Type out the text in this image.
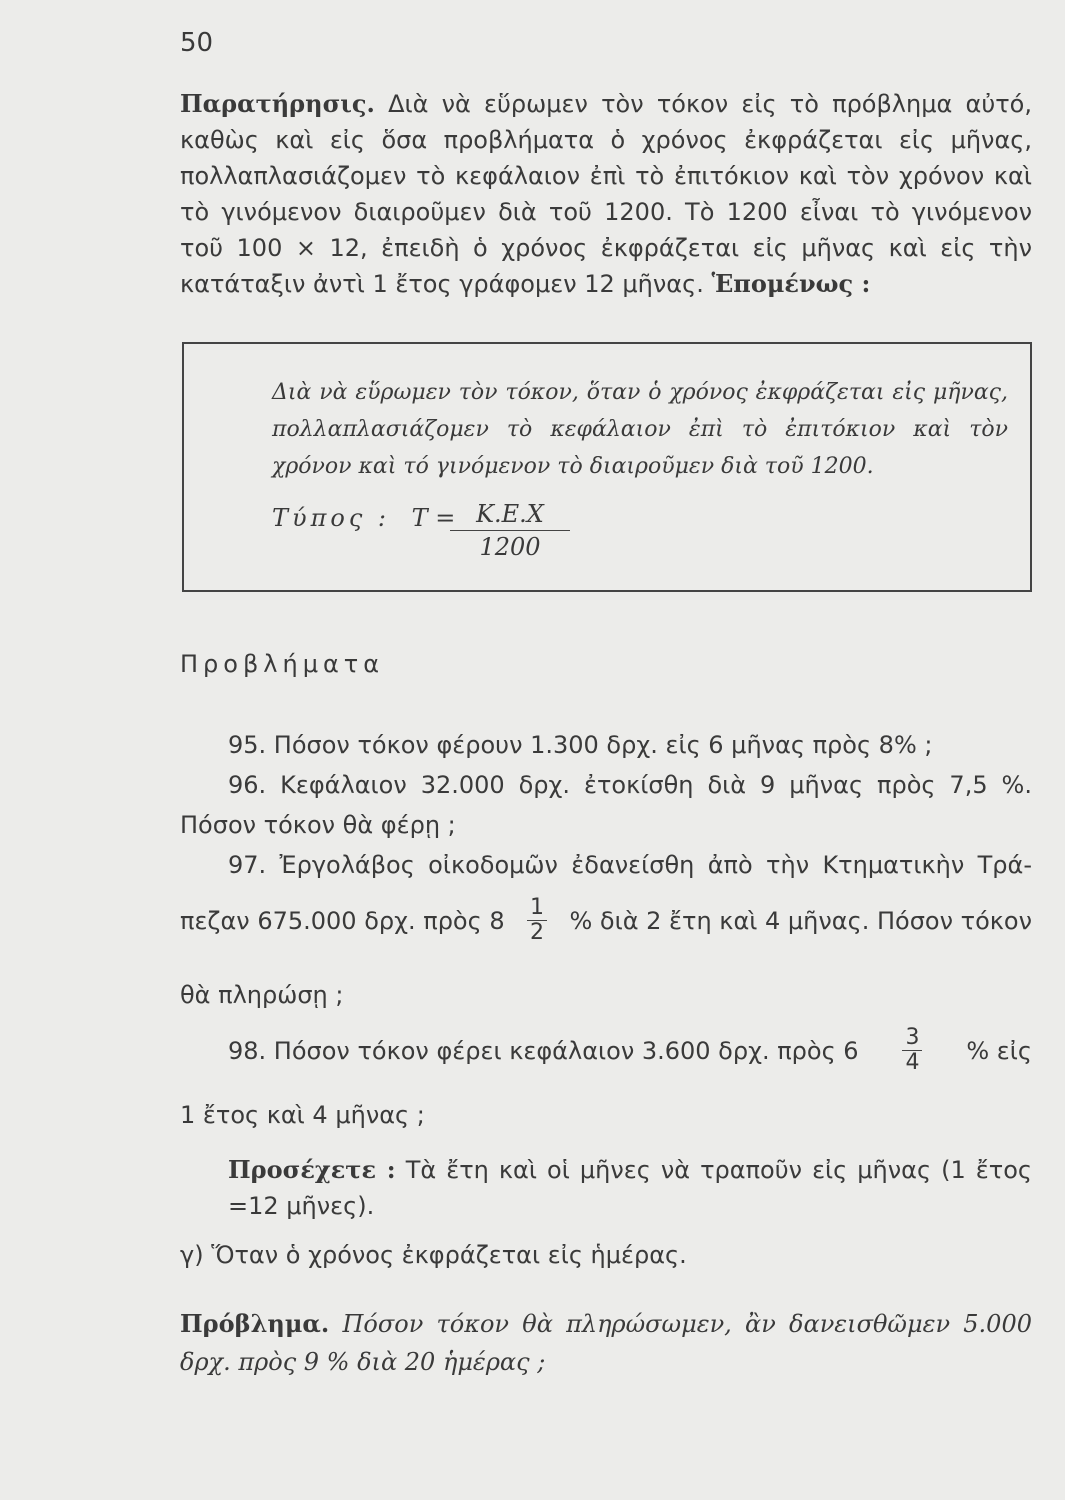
50
Παρατήρησις. Διὰ νὰ εὕρωμεν τὸν τόκον εἰς τὸ πρόβλημα αὐτό, καθὼς καὶ εἰς ὅσα προβλήματα ὁ χρόνος ἐκφράζεται εἰς μῆνας, πολλαπλασιάζομεν τὸ κεφάλαιον ἐπὶ τὸ ἐπιτόκιον καὶ τὸν χρόνον καὶ τὸ γινόμενον διαιροῦμεν διὰ τοῦ 1200. Τὸ 1200 εἶναι τὸ γινόμενον τοῦ 100 × 12, ἐπειδὴ ὁ χρόνος ἐκφράζεται εἰς μῆνας καὶ εἰς τὴν κατάταξιν ἀντὶ 1 ἔτος γράφομεν 12 μῆνας. Ἑπομένως :
Διὰ νὰ εὕρωμεν τὸν τόκον, ὅταν ὁ χρόνος ἐκφράζεται εἰς μῆνας, πολλαπλασιάζομεν τὸ κεφάλαιον ἐπὶ τὸ ἐπιτόκιον καὶ τὸν χρόνον καὶ τό γινόμενον τὸ διαιροῦμεν διὰ τοῦ 1200.
Τύπος : Τ =
$\frac{K.E.X}{1200}$
Προβλήματα
95. Πόσον τόκον φέρουν 1.300 δρχ. εἰς 6 μῆνας πρὸς 8% ;
96. Κεφάλαιον 32.000 δρχ. ἐτοκίσθη διὰ 9 μῆνας πρὸς 7,5 %.
Πόσον τόκον θὰ φέρῃ ;
97. Ἐργολάβος οἰκοδομῶν ἐδανείσθη ἀπὸ τὴν Κτηματικὴν Τρά-
πεζαν 675.000 δρχ. πρὸς $8 \frac{1}{2}$ % διὰ 2 ἔτη καὶ 4 μῆνας. Πόσον τόκον
θὰ πληρώσῃ ;
98. Πόσον τόκον φέρει κεφάλαιον 3.600 δρχ. πρὸς $6 \frac{3}{4}$ % εἰς
1 ἔτος καὶ 4 μῆνας ;
Προσέχετε : Τὰ ἔτη καὶ οἱ μῆνες νὰ τραποῦν εἰς μῆνας (1 ἔτος =12 μῆνες).
γ) Ὅταν ὁ χρόνος ἐκφράζεται εἰς ἡμέρας.
Πρόβλημα. Πόσον τόκον θὰ πληρώσωμεν, ἂν δανεισθῶμεν 5.000 δρχ. πρὸς 9 % διὰ 20 ἡμέρας ;
